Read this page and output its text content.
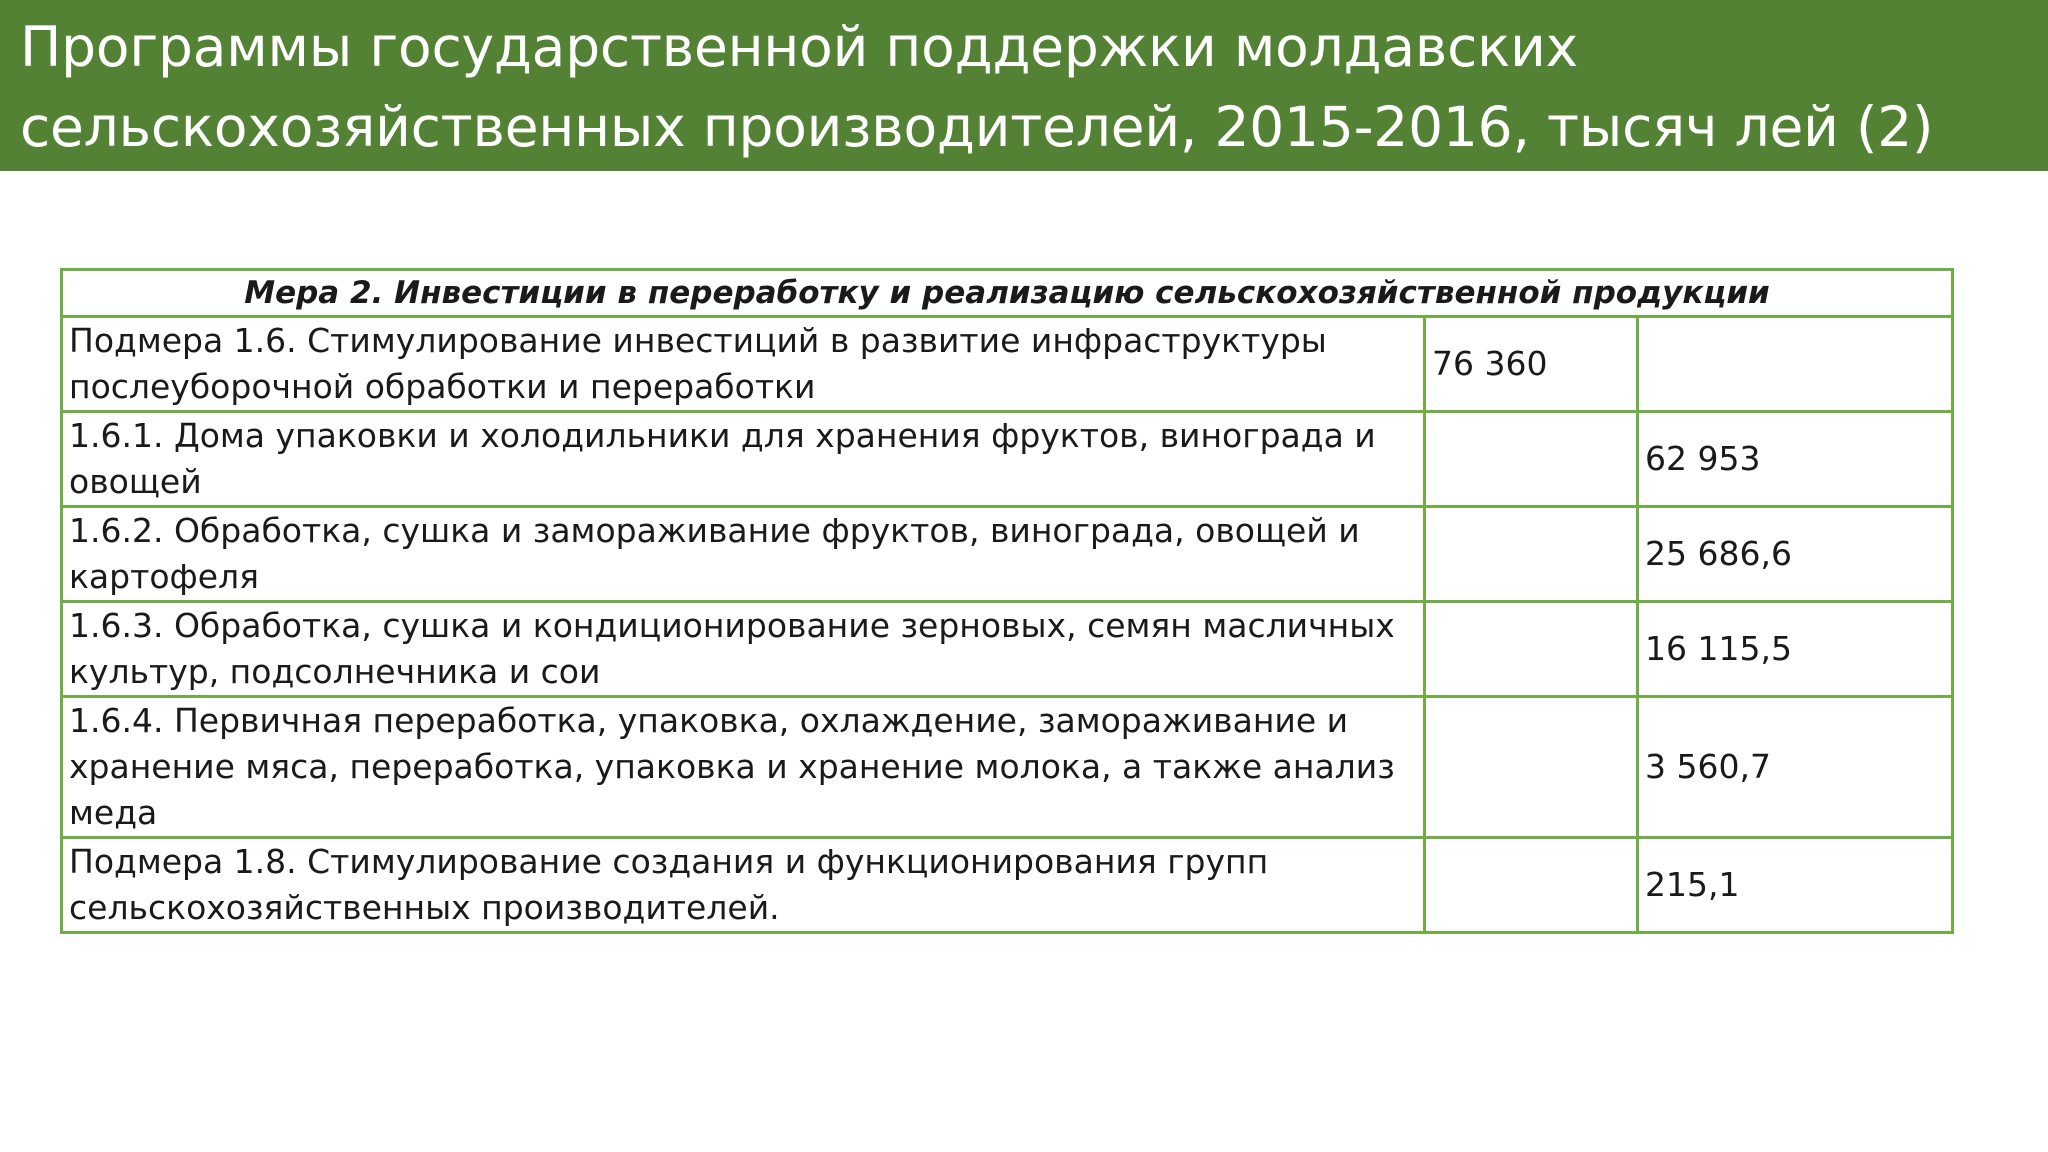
Программы государственной поддержки молдавских
сельскохозяйственных производителей, 2015-2016, тысяч лей (2)
Мера 2. Инвестиции в переработку и реализацию сельскохозяйственной продукции		
Подмера 1.6. Стимулирование инвестиций в развитие инфраструктуры
послеуборочной обработки и переработки	76 360	
1.6.1. Дома упаковки и холодильники для хранения фруктов, винограда и
овощей		62 953
1.6.2. Обработка, сушка и замораживание фруктов, винограда, овощей и
картофеля		25 686,6
1.6.3. Обработка, сушка и кондиционирование зерновых, семян масличных
культур, подсолнечника и сои		16 115,5
1.6.4. Первичная переработка, упаковка, охлаждение, замораживание и
хранение мяса, переработка, упаковка и хранение молока, а также анализ меда		3 560,7
Подмера 1.8. Стимулирование создания и функционирования групп
сельскохозяйственных производителей.		215,1
